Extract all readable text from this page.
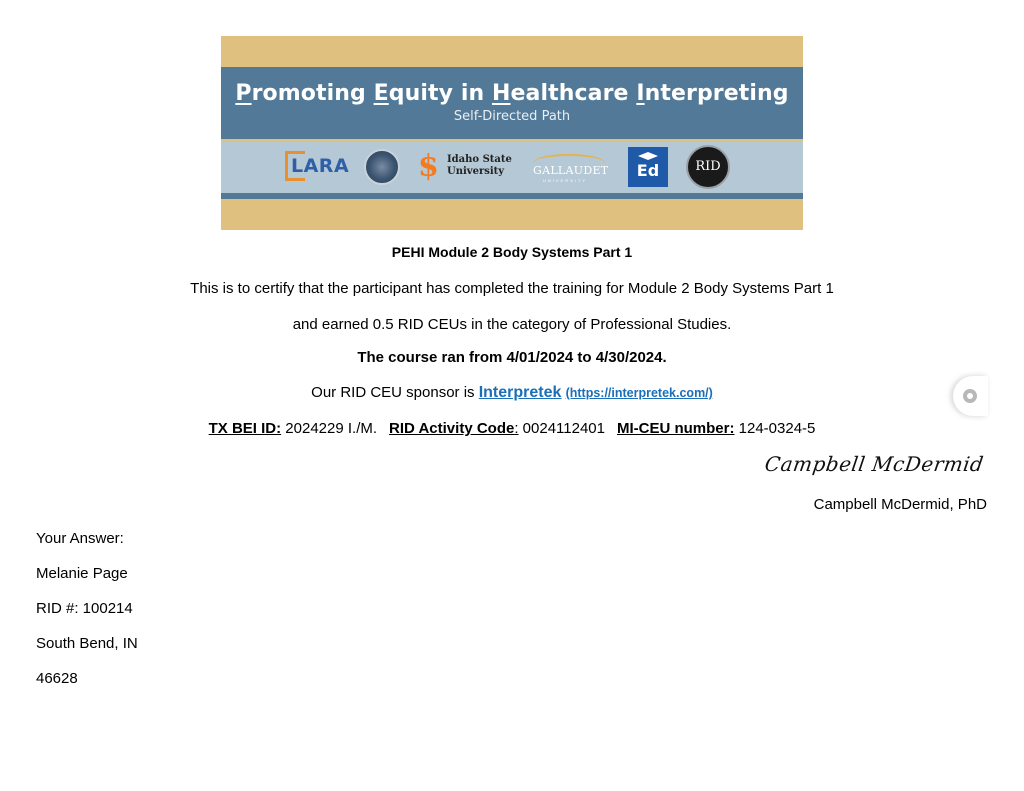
Promoting Equity in Healthcare Interpreting
Self-Directed Path
LARA $ Idaho State
University	GALLAUDET
UNIVERSITY
Ed	RID
PEHI Module 2 Body Systems Part 1
This is to certify that the participant has completed the training for Module 2 Body Systems Part 1
and earned 0.5 RID CEUs in the category of Professional Studies.
The course ran from 4/01/2024 to 4/30/2024.
Our RID CEU sponsor is Interpretek (https://interpretek.com/)
TX BEI ID: 2024229 I./M. RID Activity Code: 0024112401 MI-CEU number: 124-0324-5
Campbell McDermid
Campbell McDermid, PhD
Your Answer:
Melanie Page
RID #: 100214
South Bend, IN
46628
